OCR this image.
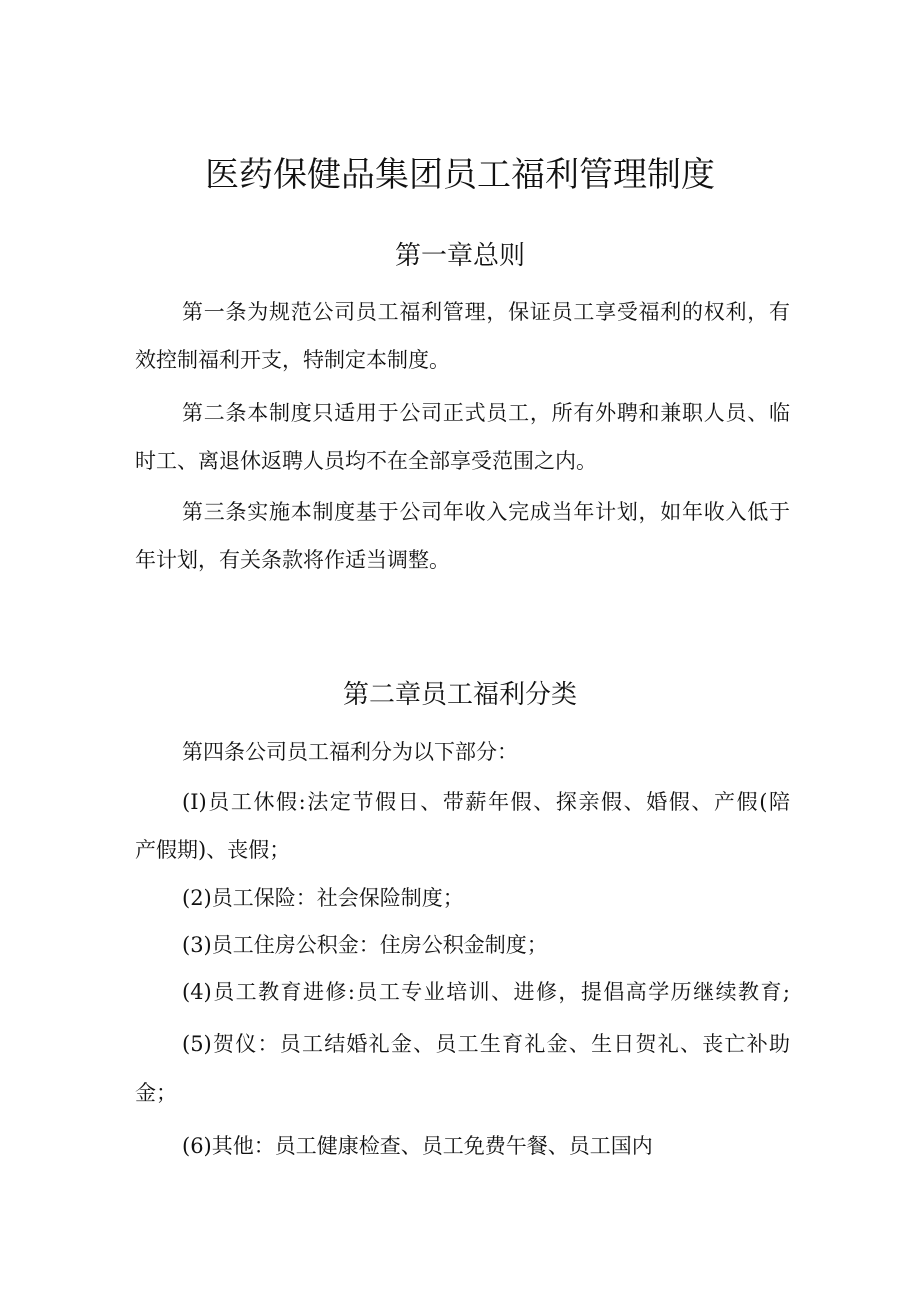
医药保健品集团员工福利管理制度
第一章总则
第一条为规范公司员工福利管理，保证员工享受福利的权利，有
效控制福利开支，特制定本制度。
第二条本制度只适用于公司正式员工，所有外聘和兼职人员、临
时工、离退休返聘人员均不在全部享受范围之内。
第三条实施本制度基于公司年收入完成当年计划，如年收入低于
年计划，有关条款将作适当调整。
第二章员工福利分类
第四条公司员工福利分为以下部分：
(I)员工休假:法定节假日、带薪年假、探亲假、婚假、产假(陪
产假期)、丧假；
(2)员工保险：社会保险制度；
(3)员工住房公积金：住房公积金制度；
(4)员工教育进修:员工专业培训、进修，提倡高学历继续教育;
(5)贺仪：员工结婚礼金、员工生育礼金、生日贺礼、丧亡补助
金；
(6)其他：员工健康检查、员工免费午餐、员工国内
